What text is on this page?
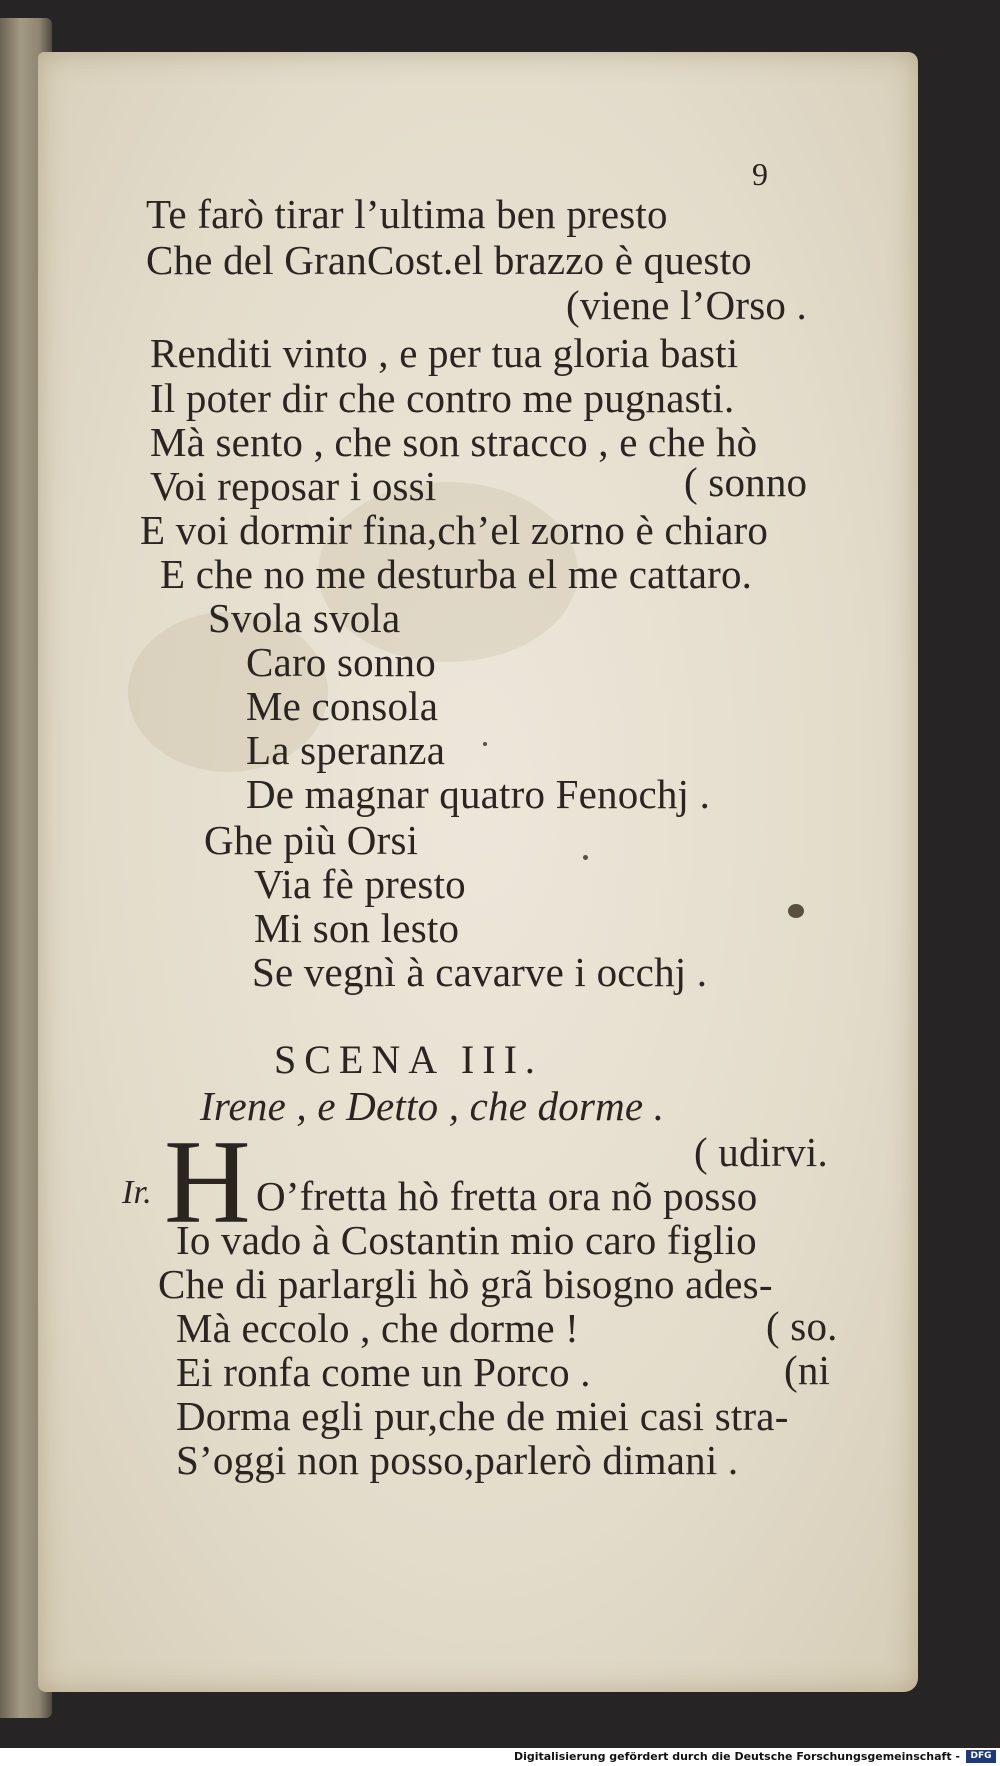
9

Te farò tirar l’ultima ben presto

Che del GranCost.el brazzo è questo

(viene l’Orso .

Renditi vinto , e per tua gloria basti

Il poter dir che contro me pugnasti.

Mà sento , che son stracco , e che hò

Voi reposar i ossi	( sonno

E voi dormir fina,ch’el zorno è chiaro

E che no me desturba el me cattaro.

Svola svola

Caro sonno

Me consola

La speranza

De magnar quatro Fenochj .

Ghe più Orsi

Via fè presto

Mi son lesto

Se vegnì à cavarve i occhj .

SCENA III.

Irene , e Detto , che dorme .

( udirvi.

H

Ir.	O’fretta hò fretta ora nõ posso

Io vado à Costantin mio caro figlio

Che di parlargli hò grã bisogno ades-

Mà eccolo , che dorme !	( so.

Ei ronfa come un Porco .	(ni

Dorma egli pur,che de miei casi stra-

S’oggi non posso,parlerò dimani .

Digitalisierung gefördert durch die Deutsche Forschungsgemeinschaft -	DFG
